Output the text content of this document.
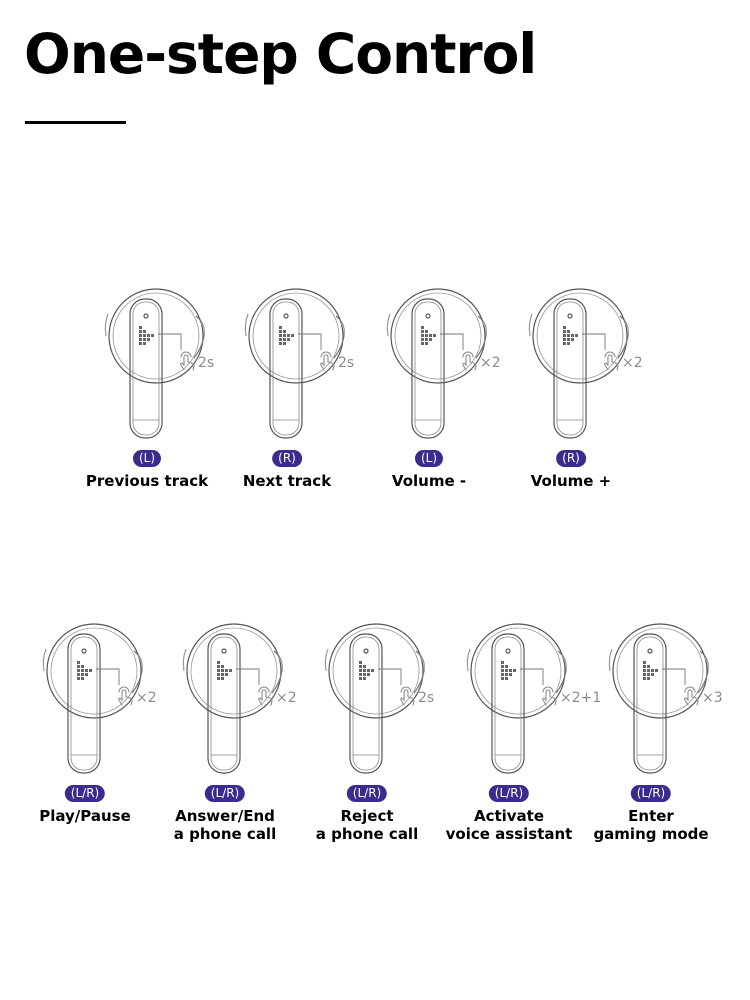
One-step Control
2s
(L)
Previous track
2s
(R)
Next track
×2
(L)
Volume -
×2
(R)
Volume +
×2
(L/R)
Play/Pause
×2
(L/R)
Answer/End
a phone call
2s
(L/R)
Reject
a phone call
×2+1
(L/R)
Activate
voice assistant
×3
(L/R)
Enter
gaming mode
